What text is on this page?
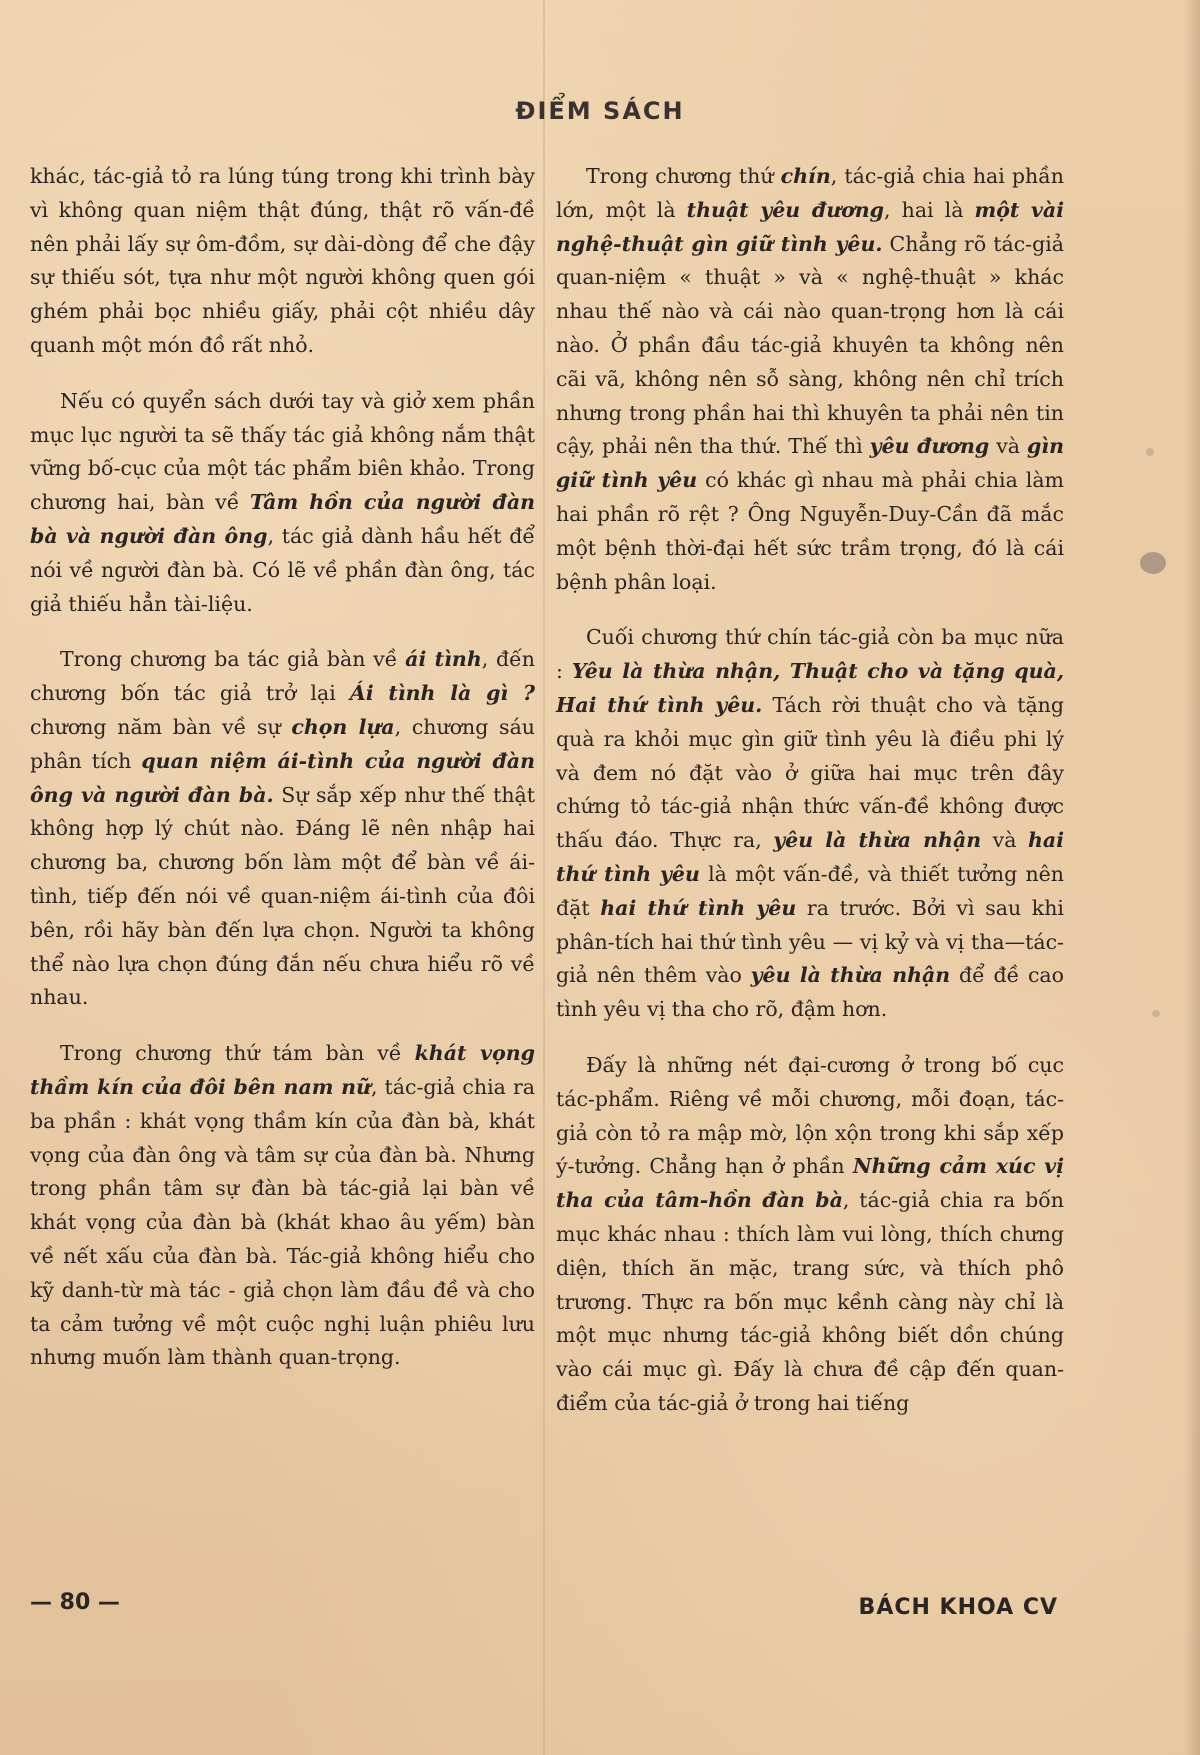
ĐIỂM SÁCH

khác, tác-giả tỏ ra lúng túng trong khi trình bày vì không quan niệm thật đúng, thật rõ vấn-đề nên phải lấy sự ôm-đồm, sự dài-dòng để che đậy sự thiếu sót, tựa như một người không quen gói ghém phải bọc nhiều giấy, phải cột nhiều dây quanh một món đồ rất nhỏ.

Nếu có quyển sách dưới tay và giở xem phần mục lục người ta sẽ thấy tác giả không nắm thật vững bố-cục của một tác phẩm biên khảo. Trong chương hai, bàn về Tâm hồn của người đàn bà và người đàn ông, tác giả dành hầu hết để nói về người đàn bà. Có lẽ về phần đàn ông, tác giả thiếu hẳn tài-liệu.

Trong chương ba tác giả bàn về ái tình, đến chương bốn tác giả trở lại Ái tình là gì ? chương năm bàn về sự chọn lựa, chương sáu phân tích quan niệm ái-tình của người đàn ông và người đàn bà. Sự sắp xếp như thế thật không hợp lý chút nào. Đáng lẽ nên nhập hai chương ba, chương bốn làm một để bàn về ái-tình, tiếp đến nói về quan-niệm ái-tình của đôi bên, rồi hãy bàn đến lựa chọn. Người ta không thể nào lựa chọn đúng đắn nếu chưa hiểu rõ về nhau.

Trong chương thứ tám bàn về khát vọng thầm kín của đôi bên nam nữ, tác-giả chia ra ba phần : khát vọng thầm kín của đàn bà, khát vọng của đàn ông và tâm sự của đàn bà. Nhưng trong phần tâm sự đàn bà tác-giả lại bàn về khát vọng của đàn bà (khát khao âu yếm) bàn về nết xấu của đàn bà. Tác-giả không hiểu cho kỹ danh-từ mà tác - giả chọn làm đầu đề và cho ta cảm tưởng về một cuộc nghị luận phiêu lưu nhưng muốn làm thành quan-trọng.

Trong chương thứ chín, tác-giả chia hai phần lớn, một là thuật yêu đương, hai là một vài nghệ-thuật gìn giữ tình yêu. Chẳng rõ tác-giả quan-niệm « thuật » và « nghệ-thuật » khác nhau thế nào và cái nào quan-trọng hơn là cái nào. Ở phần đầu tác-giả khuyên ta không nên cãi vã, không nên sỗ sàng, không nên chỉ trích nhưng trong phần hai thì khuyên ta phải nên tin cậy, phải nên tha thứ. Thế thì yêu đương và gìn giữ tình yêu có khác gì nhau mà phải chia làm hai phần rõ rệt ? Ông Nguyễn-Duy-Cần đã mắc một bệnh thời-đại hết sức trầm trọng, đó là cái bệnh phân loại.

Cuối chương thứ chín tác-giả còn ba mục nữa : Yêu là thừa nhận, Thuật cho và tặng quà, Hai thứ tình yêu. Tách rời thuật cho và tặng quà ra khỏi mục gìn giữ tình yêu là điều phi lý và đem nó đặt vào ở giữa hai mục trên đây chứng tỏ tác-giả nhận thức vấn-đề không được thấu đáo. Thực ra, yêu là thừa nhận và hai thứ tình yêu là một vấn-đề, và thiết tưởng nên đặt hai thứ tình yêu ra trước. Bởi vì sau khi phân-tích hai thứ tình yêu — vị kỷ và vị tha—tác-giả nên thêm vào yêu là thừa nhận để đề cao tình yêu vị tha cho rõ, đậm hơn.

Đấy là những nét đại-cương ở trong bố cục tác-phẩm. Riêng về mỗi chương, mỗi đoạn, tác-giả còn tỏ ra mập mờ, lộn xộn trong khi sắp xếp ý-tưởng. Chẳng hạn ở phần Những cảm xúc vị tha của tâm-hồn đàn bà, tác-giả chia ra bốn mục khác nhau : thích làm vui lòng, thích chưng diện, thích ăn mặc, trang sức, và thích phô trương. Thực ra bốn mục kềnh càng này chỉ là một mục nhưng tác-giả không biết dồn chúng vào cái mục gì. Đấy là chưa đề cập đến quan-điểm của tác-giả ở trong hai tiếng

— 80 —	BÁCH KHOA CV
